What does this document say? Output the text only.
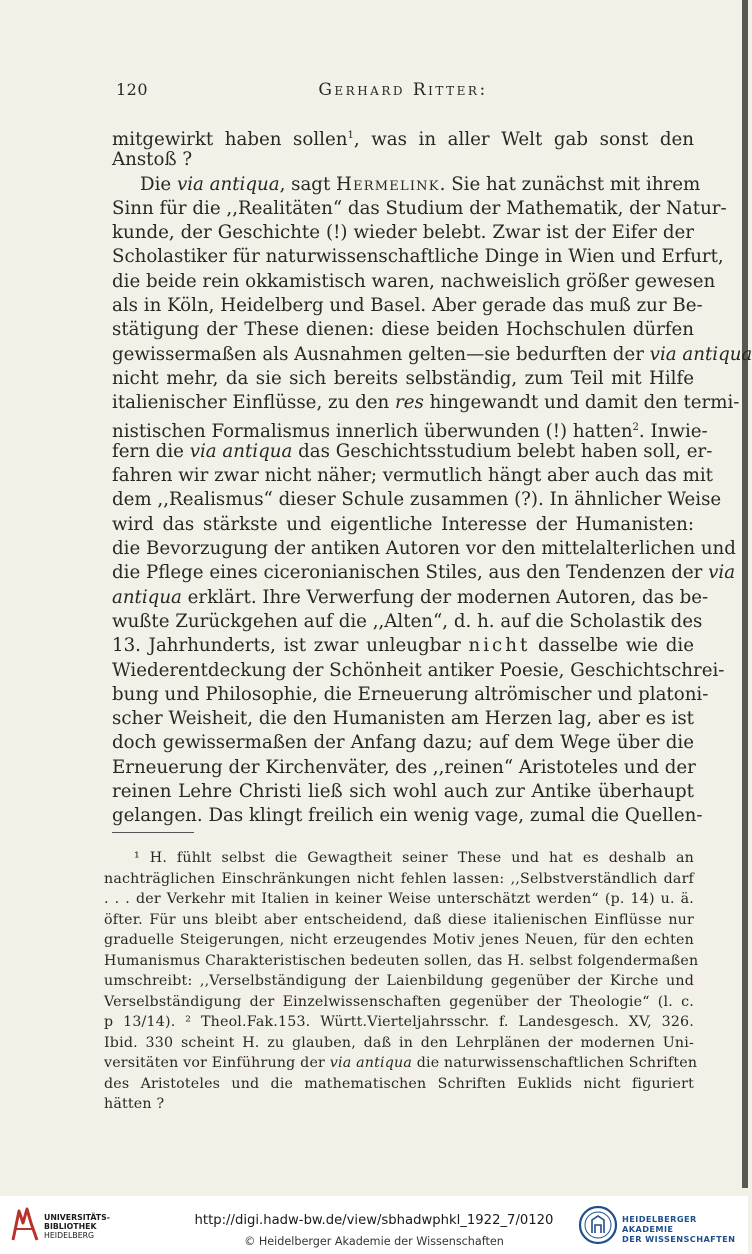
120	Gerhard Ritter:
mitgewirkt haben sollen$^1$, was in aller Welt gab sonst den
Anstoß ?
Die via antiqua, sagt Hermelink. Sie hat zunächst mit ihrem
Sinn für die ,,Realitäten“ das Studium der Mathematik, der Natur-
kunde, der Geschichte (!) wieder belebt. Zwar ist der Eifer der
Scholastiker für naturwissenschaftliche Dinge in Wien und Erfurt,
die beide rein okkamistisch waren, nachweislich größer gewesen
als in Köln, Heidelberg und Basel. Aber gerade das muß zur Be-
stätigung der These dienen: diese beiden Hochschulen dürfen
gewissermaßen als Ausnahmen gelten—sie bedurften der via antiqua
nicht mehr, da sie sich bereits selbständig, zum Teil mit Hilfe
italienischer Einflüsse, zu den res hingewandt und damit den termi-
nistischen Formalismus innerlich überwunden (!) hatten$^2$. Inwie-
fern die via antiqua das Geschichtsstudium belebt haben soll, er-
fahren wir zwar nicht näher; vermutlich hängt aber auch das mit
dem ,,Realismus“ dieser Schule zusammen (?). In ähnlicher Weise
wird das stärkste und eigentliche Interesse der Humanisten:
die Bevorzugung der antiken Autoren vor den mittelalterlichen und
die Pflege eines ciceronianischen Stiles, aus den Tendenzen der via
antiqua erklärt. Ihre Verwerfung der modernen Autoren, das be-
wußte Zurückgehen auf die ,,Alten“, d. h. auf die Scholastik des
13. Jahrhunderts, ist zwar unleugbar nicht dasselbe wie die
Wiederentdeckung der Schönheit antiker Poesie, Geschichtschrei-
bung und Philosophie, die Erneuerung altrömischer und platoni-
scher Weisheit, die den Humanisten am Herzen lag, aber es ist
doch gewissermaßen der Anfang dazu; auf dem Wege über die
Erneuerung der Kirchenväter, des ,,reinen“ Aristoteles und der
reinen Lehre Christi ließ sich wohl auch zur Antike überhaupt
gelangen. Das klingt freilich ein wenig vage, zumal die Quellen-
¹ H. fühlt selbst die Gewagtheit seiner These und hat es deshalb an
nachträglichen Einschränkungen nicht fehlen lassen: ,,Selbstverständlich darf
. . . der Verkehr mit Italien in keiner Weise unterschätzt werden“ (p. 14) u. ä.
öfter. Für uns bleibt aber entscheidend, daß diese italienischen Einflüsse nur
graduelle Steigerungen, nicht erzeugendes Motiv jenes Neuen, für den echten
Humanismus Charakteristischen bedeuten sollen, das H. selbst folgendermaßen
umschreibt: ,,Verselbständigung der Laienbildung gegenüber der Kirche und
Verselbständigung der Einzelwissenschaften gegenüber der Theologie“ (l. c.
p 13/14). ² Theol.Fak.153. Württ.Vierteljahrsschr. f. Landesgesch. XV, 326.
Ibid. 330 scheint H. zu glauben, daß in den Lehrplänen der modernen Uni-
versitäten vor Einführung der via antiqua die naturwissenschaftlichen Schriften
des Aristoteles und die mathematischen Schriften Euklids nicht figuriert
hätten ?
UNIVERSITÄTS-
BIBLIOTHEK
HEIDELBERG
http://digi.hadw-bw.de/view/sbhadwphkl_1922_7/0120
© Heidelberger Akademie der Wissenschaften
HEIDELBERGER AKADEMIE
DER WISSENSCHAFTEN
